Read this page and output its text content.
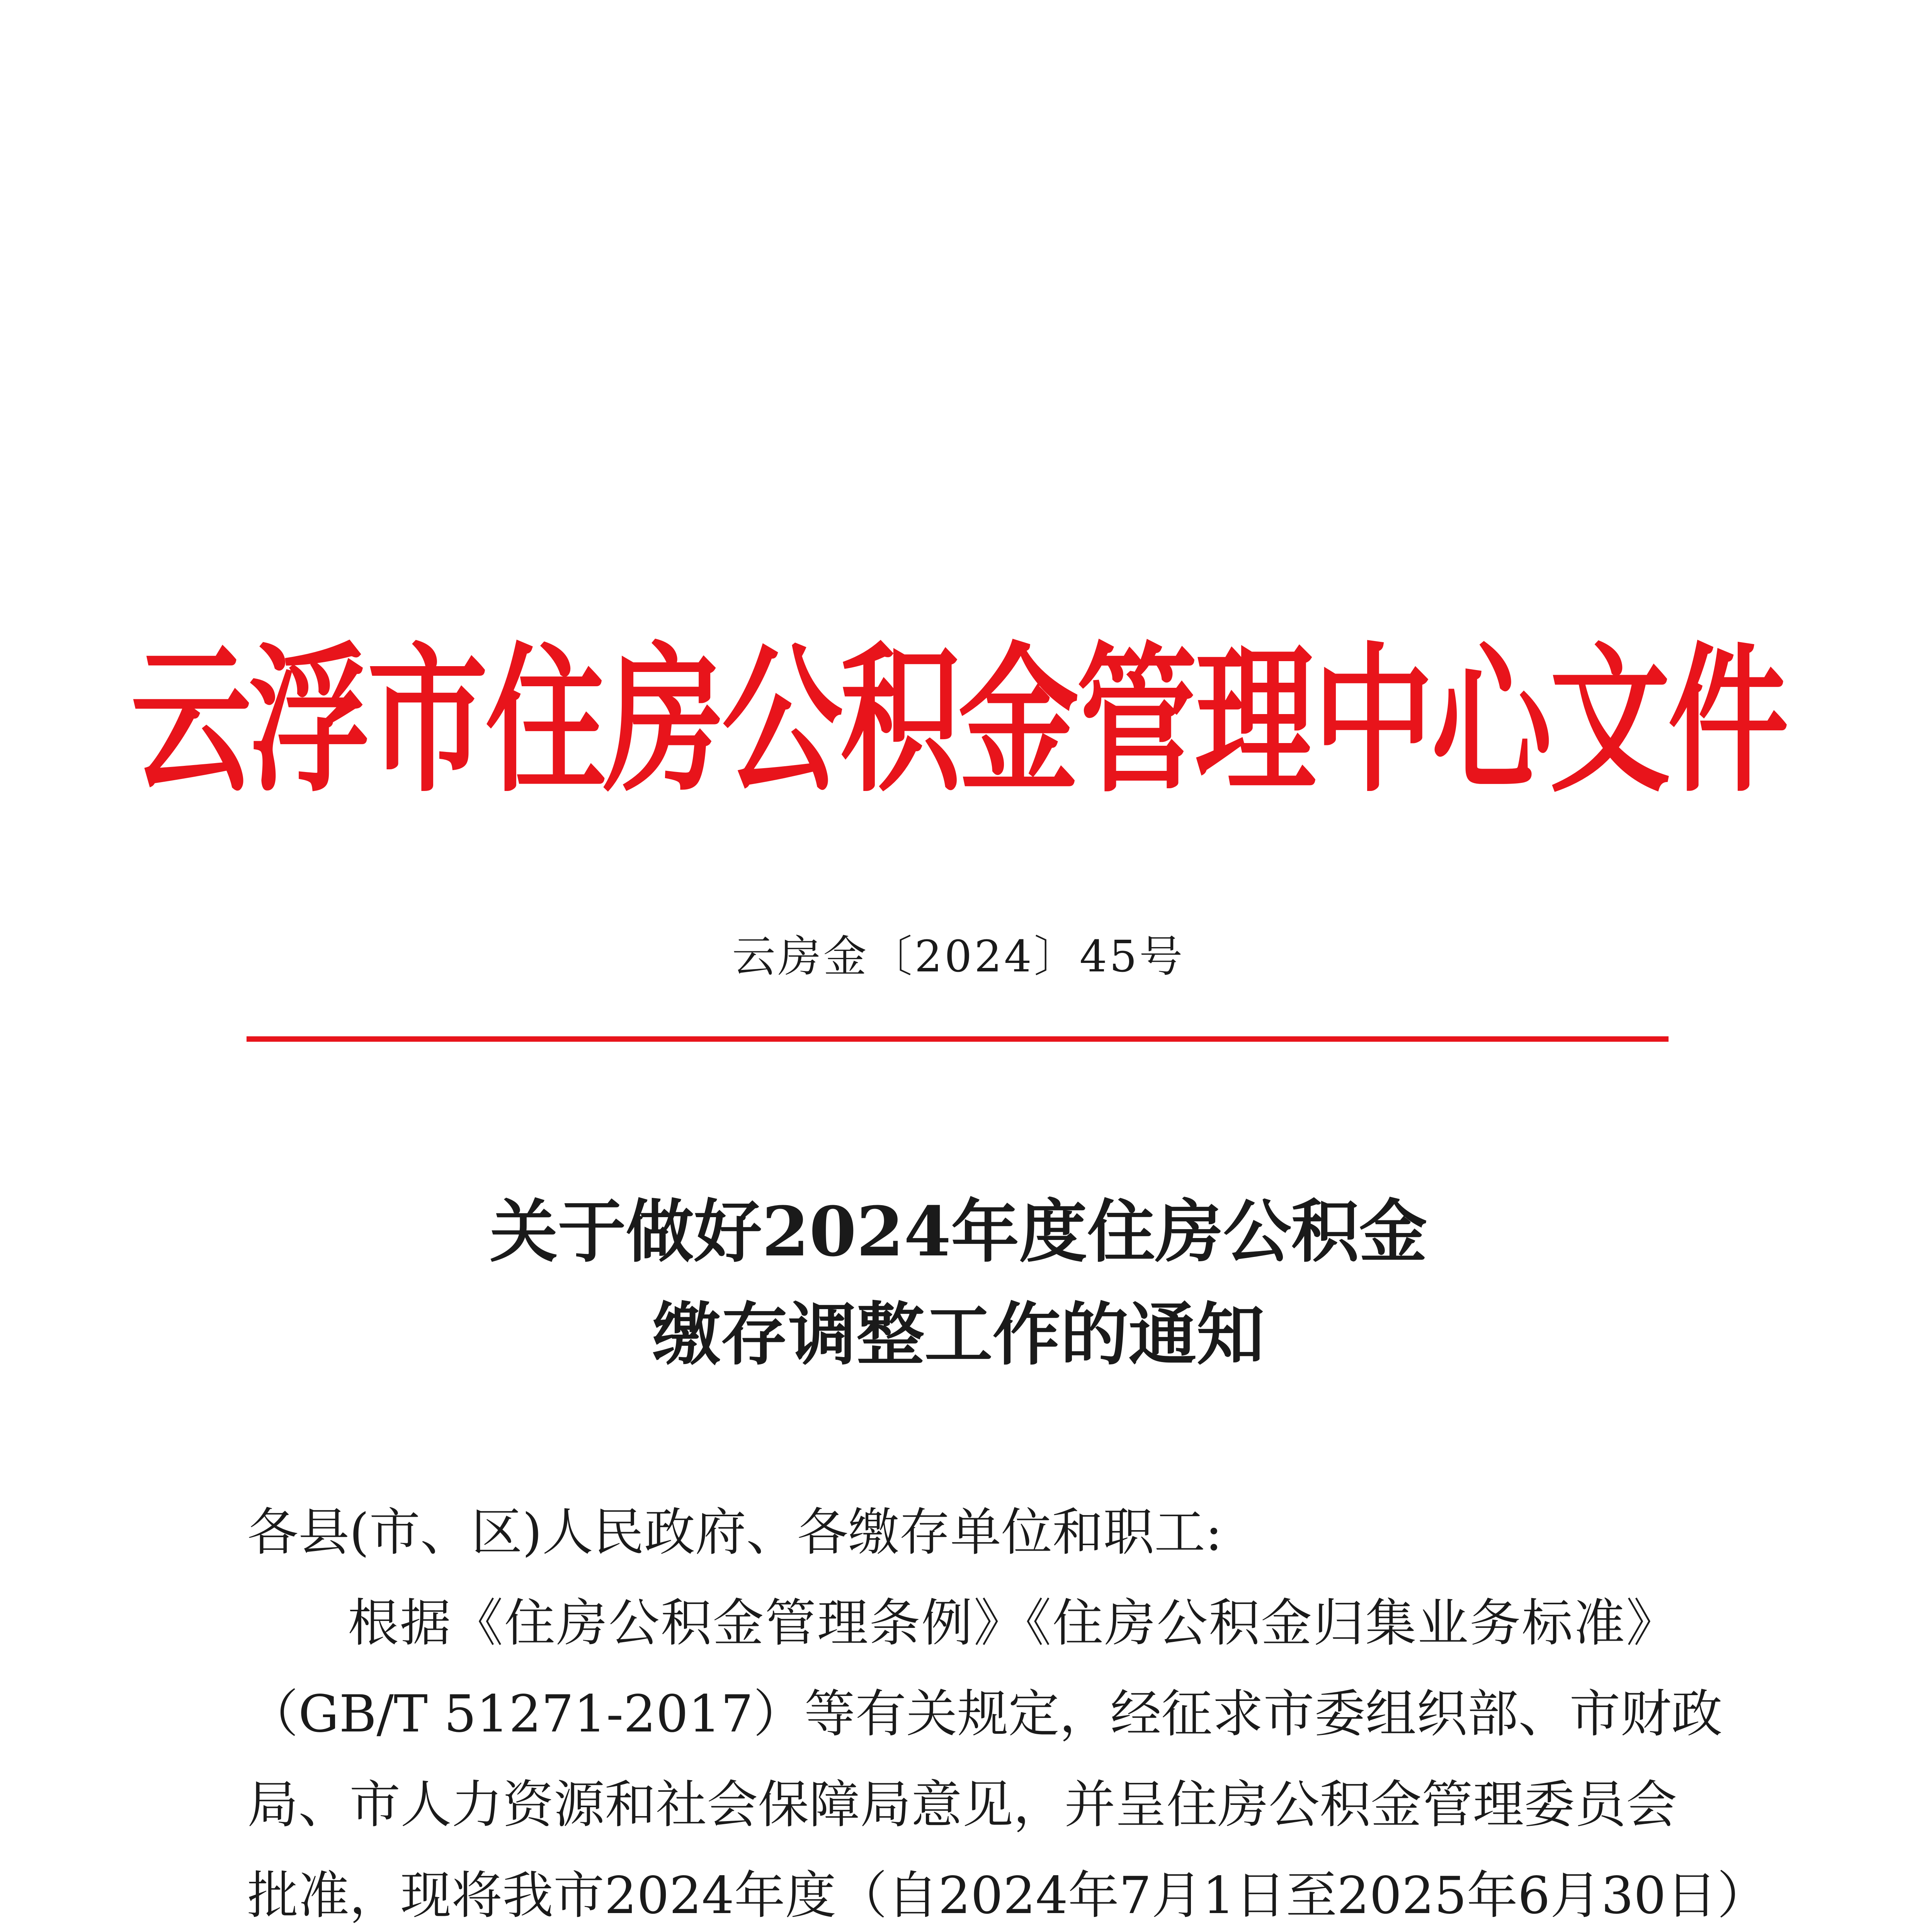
云浮市住房公积金管理中心文件
云房金〔2024〕45号
关于做好2024年度住房公积金
缴存调整工作的通知
各县(市、区)人民政府、各缴存单位和职工:
根据《住房公积金管理条例》《住房公积金归集业务标准》
（GB/T 51271-2017）等有关规定，经征求市委组织部、市财政
局、市人力资源和社会保障局意见，并呈住房公积金管理委员会
批准，现将我市2024年度（自2024年7月1日至2025年6月30日）
